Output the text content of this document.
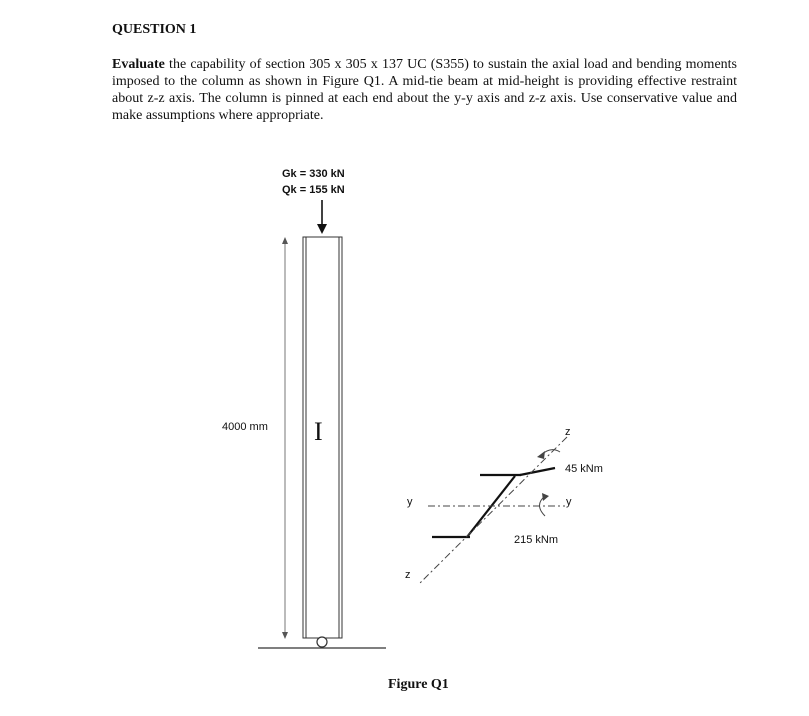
QUESTION 1
Evaluate the capability of section 305 x 305 x 137 UC (S355) to sustain the axial load and bending moments imposed to the column as shown in Figure Q1. A mid-tie beam at mid-height is providing effective restraint about z-z axis. The column is pinned at each end about the y-y axis and z-z axis. Use conservative value and make assumptions where appropriate.
Gk = 330 kN
Qk = 155 kN
I
4000 mm
y	y
z
z
45 kNm
215 kNm
Figure Q1
